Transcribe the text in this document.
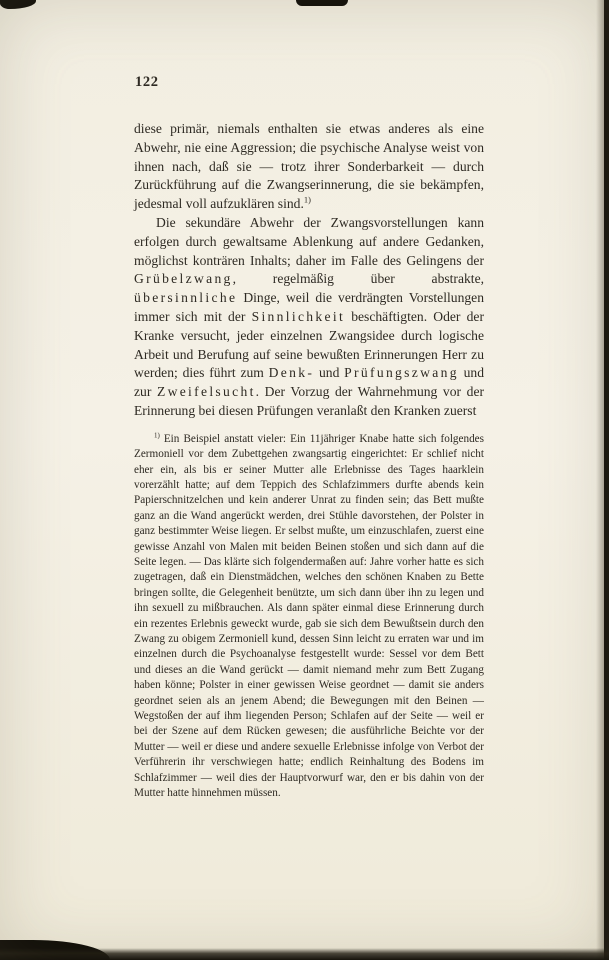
122

diese primär, niemals enthalten sie etwas anderes als eine Abwehr, nie eine Aggression; die psychische Analyse weist von ihnen nach, daß sie — trotz ihrer Sonderbarkeit — durch Zurückführung auf die Zwangserinnerung, die sie bekämpfen, jedesmal voll aufzuklären sind.$^{1)}$

Die sekundäre Abwehr der Zwangsvorstellungen kann erfolgen durch gewaltsame Ablenkung auf andere Gedanken, möglichst konträren Inhalts; daher im Falle des Gelingens der Grübelzwang, regelmäßig über abstrakte, übersinnliche Dinge, weil die verdrängten Vorstellungen immer sich mit der Sinnlichkeit beschäftigten. Oder der Kranke versucht, jeder einzelnen Zwangsidee durch logische Arbeit und Berufung auf seine bewußten Erinnerungen Herr zu werden; dies führt zum Denk- und Prüfungszwang und zur Zweifelsucht. Der Vorzug der Wahrnehmung vor der Erinnerung bei diesen Prüfungen veranlaßt den Kranken zuerst

$^{1)}$ Ein Beispiel anstatt vieler: Ein 11jähriger Knabe hatte sich folgendes Zermoniell vor dem Zubettgehen zwangsartig eingerichtet: Er schlief nicht eher ein, als bis er seiner Mutter alle Erlebnisse des Tages haarklein vorerzählt hatte; auf dem Teppich des Schlafzimmers durfte abends kein Papierschnitzelchen und kein anderer Unrat zu finden sein; das Bett mußte ganz an die Wand angerückt werden, drei Stühle davorstehen, der Polster in ganz bestimmter Weise liegen. Er selbst mußte, um einzuschlafen, zuerst eine gewisse Anzahl von Malen mit beiden Beinen stoßen und sich dann auf die Seite legen. — Das klärte sich folgendermaßen auf: Jahre vorher hatte es sich zugetragen, daß ein Dienstmädchen, welches den schönen Knaben zu Bette bringen sollte, die Gelegenheit benützte, um sich dann über ihn zu legen und ihn sexuell zu mißbrauchen. Als dann später einmal diese Erinnerung durch ein rezentes Erlebnis geweckt wurde, gab sie sich dem Bewußtsein durch den Zwang zu obigem Zermoniell kund, dessen Sinn leicht zu erraten war und im einzelnen durch die Psychoanalyse festgestellt wurde: Sessel vor dem Bett und dieses an die Wand gerückt — damit niemand mehr zum Bett Zugang haben könne; Polster in einer gewissen Weise geordnet — damit sie anders geordnet seien als an jenem Abend; die Bewegungen mit den Beinen — Wegstoßen der auf ihm liegenden Person; Schlafen auf der Seite — weil er bei der Szene auf dem Rücken gewesen; die ausführliche Beichte vor der Mutter — weil er diese und andere sexuelle Erlebnisse infolge von Verbot der Verführerin ihr verschwiegen hatte; endlich Reinhaltung des Bodens im Schlafzimmer — weil dies der Hauptvorwurf war, den er bis dahin von der Mutter hatte hinnehmen müssen.
